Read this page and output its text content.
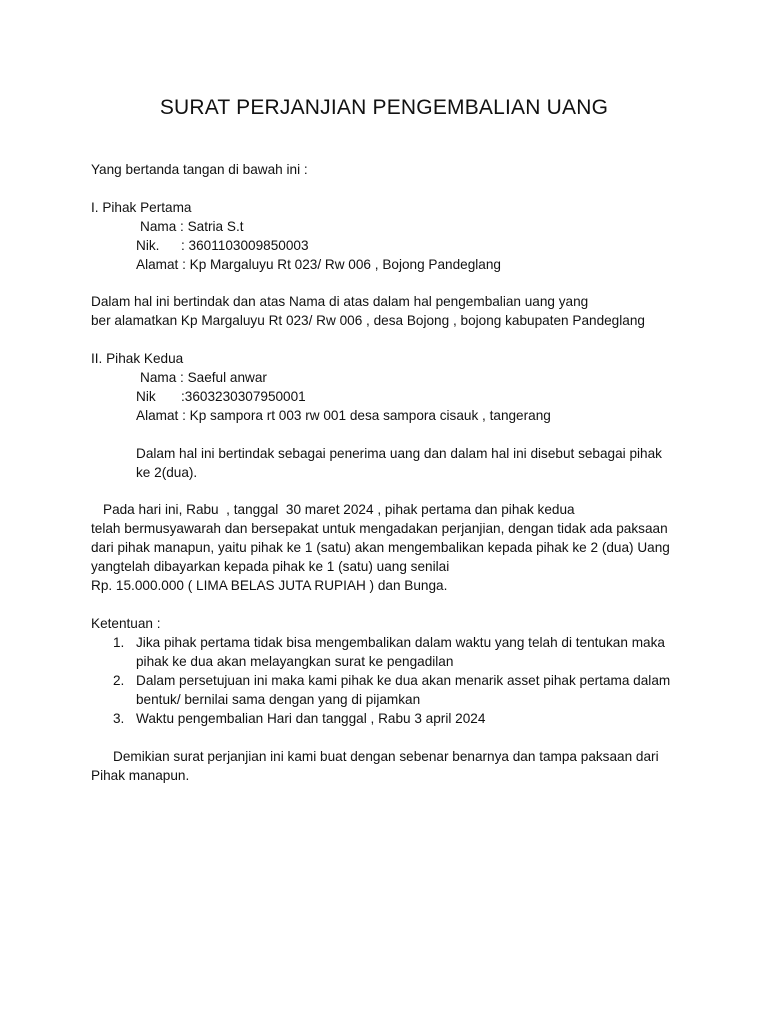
SURAT PERJANJIAN PENGEMBALIAN UANG
Yang bertanda tangan di bawah ini :
I. Pihak Pertama
Nama : Satria S.t
Nik. : 3601103009850003
Alamat : Kp Margaluyu Rt 023/ Rw 006 , Bojong Pandeglang
Dalam hal ini bertindak dan atas Nama di atas dalam hal pengembalian uang yang
ber alamatkan Kp Margaluyu Rt 023/ Rw 006 , desa Bojong , bojong kabupaten Pandeglang
II. Pihak Kedua
Nama : Saeful anwar
Nik :3603230307950001
Alamat : Kp sampora rt 003 rw 001 desa sampora cisauk , tangerang
Dalam hal ini bertindak sebagai penerima uang dan dalam hal ini disebut sebagai pihak
ke 2(dua).
Pada hari ini, Rabu  , tanggal  30 maret 2024 , pihak pertama dan pihak kedua
telah bermusyawarah dan bersepakat untuk mengadakan perjanjian, dengan tidak ada paksaan
dari pihak manapun, yaitu pihak ke 1 (satu) akan mengembalikan kepada pihak ke 2 (dua) Uang
yangtelah dibayarkan kepada pihak ke 1 (satu) uang senilai
Rp. 15.000.000 ( LIMA BELAS JUTA RUPIAH ) dan Bunga.
Ketentuan :
1. Jika pihak pertama tidak bisa mengembalikan dalam waktu yang telah di tentukan maka
pihak ke dua akan melayangkan surat ke pengadilan
2. Dalam persetujuan ini maka kami pihak ke dua akan menarik asset pihak pertama dalam
bentuk/ bernilai sama dengan yang di pijamkan
3. Waktu pengembalian Hari dan tanggal , Rabu 3 april 2024
Demikian surat perjanjian ini kami buat dengan sebenar benarnya dan tampa paksaan dari
Pihak manapun.
